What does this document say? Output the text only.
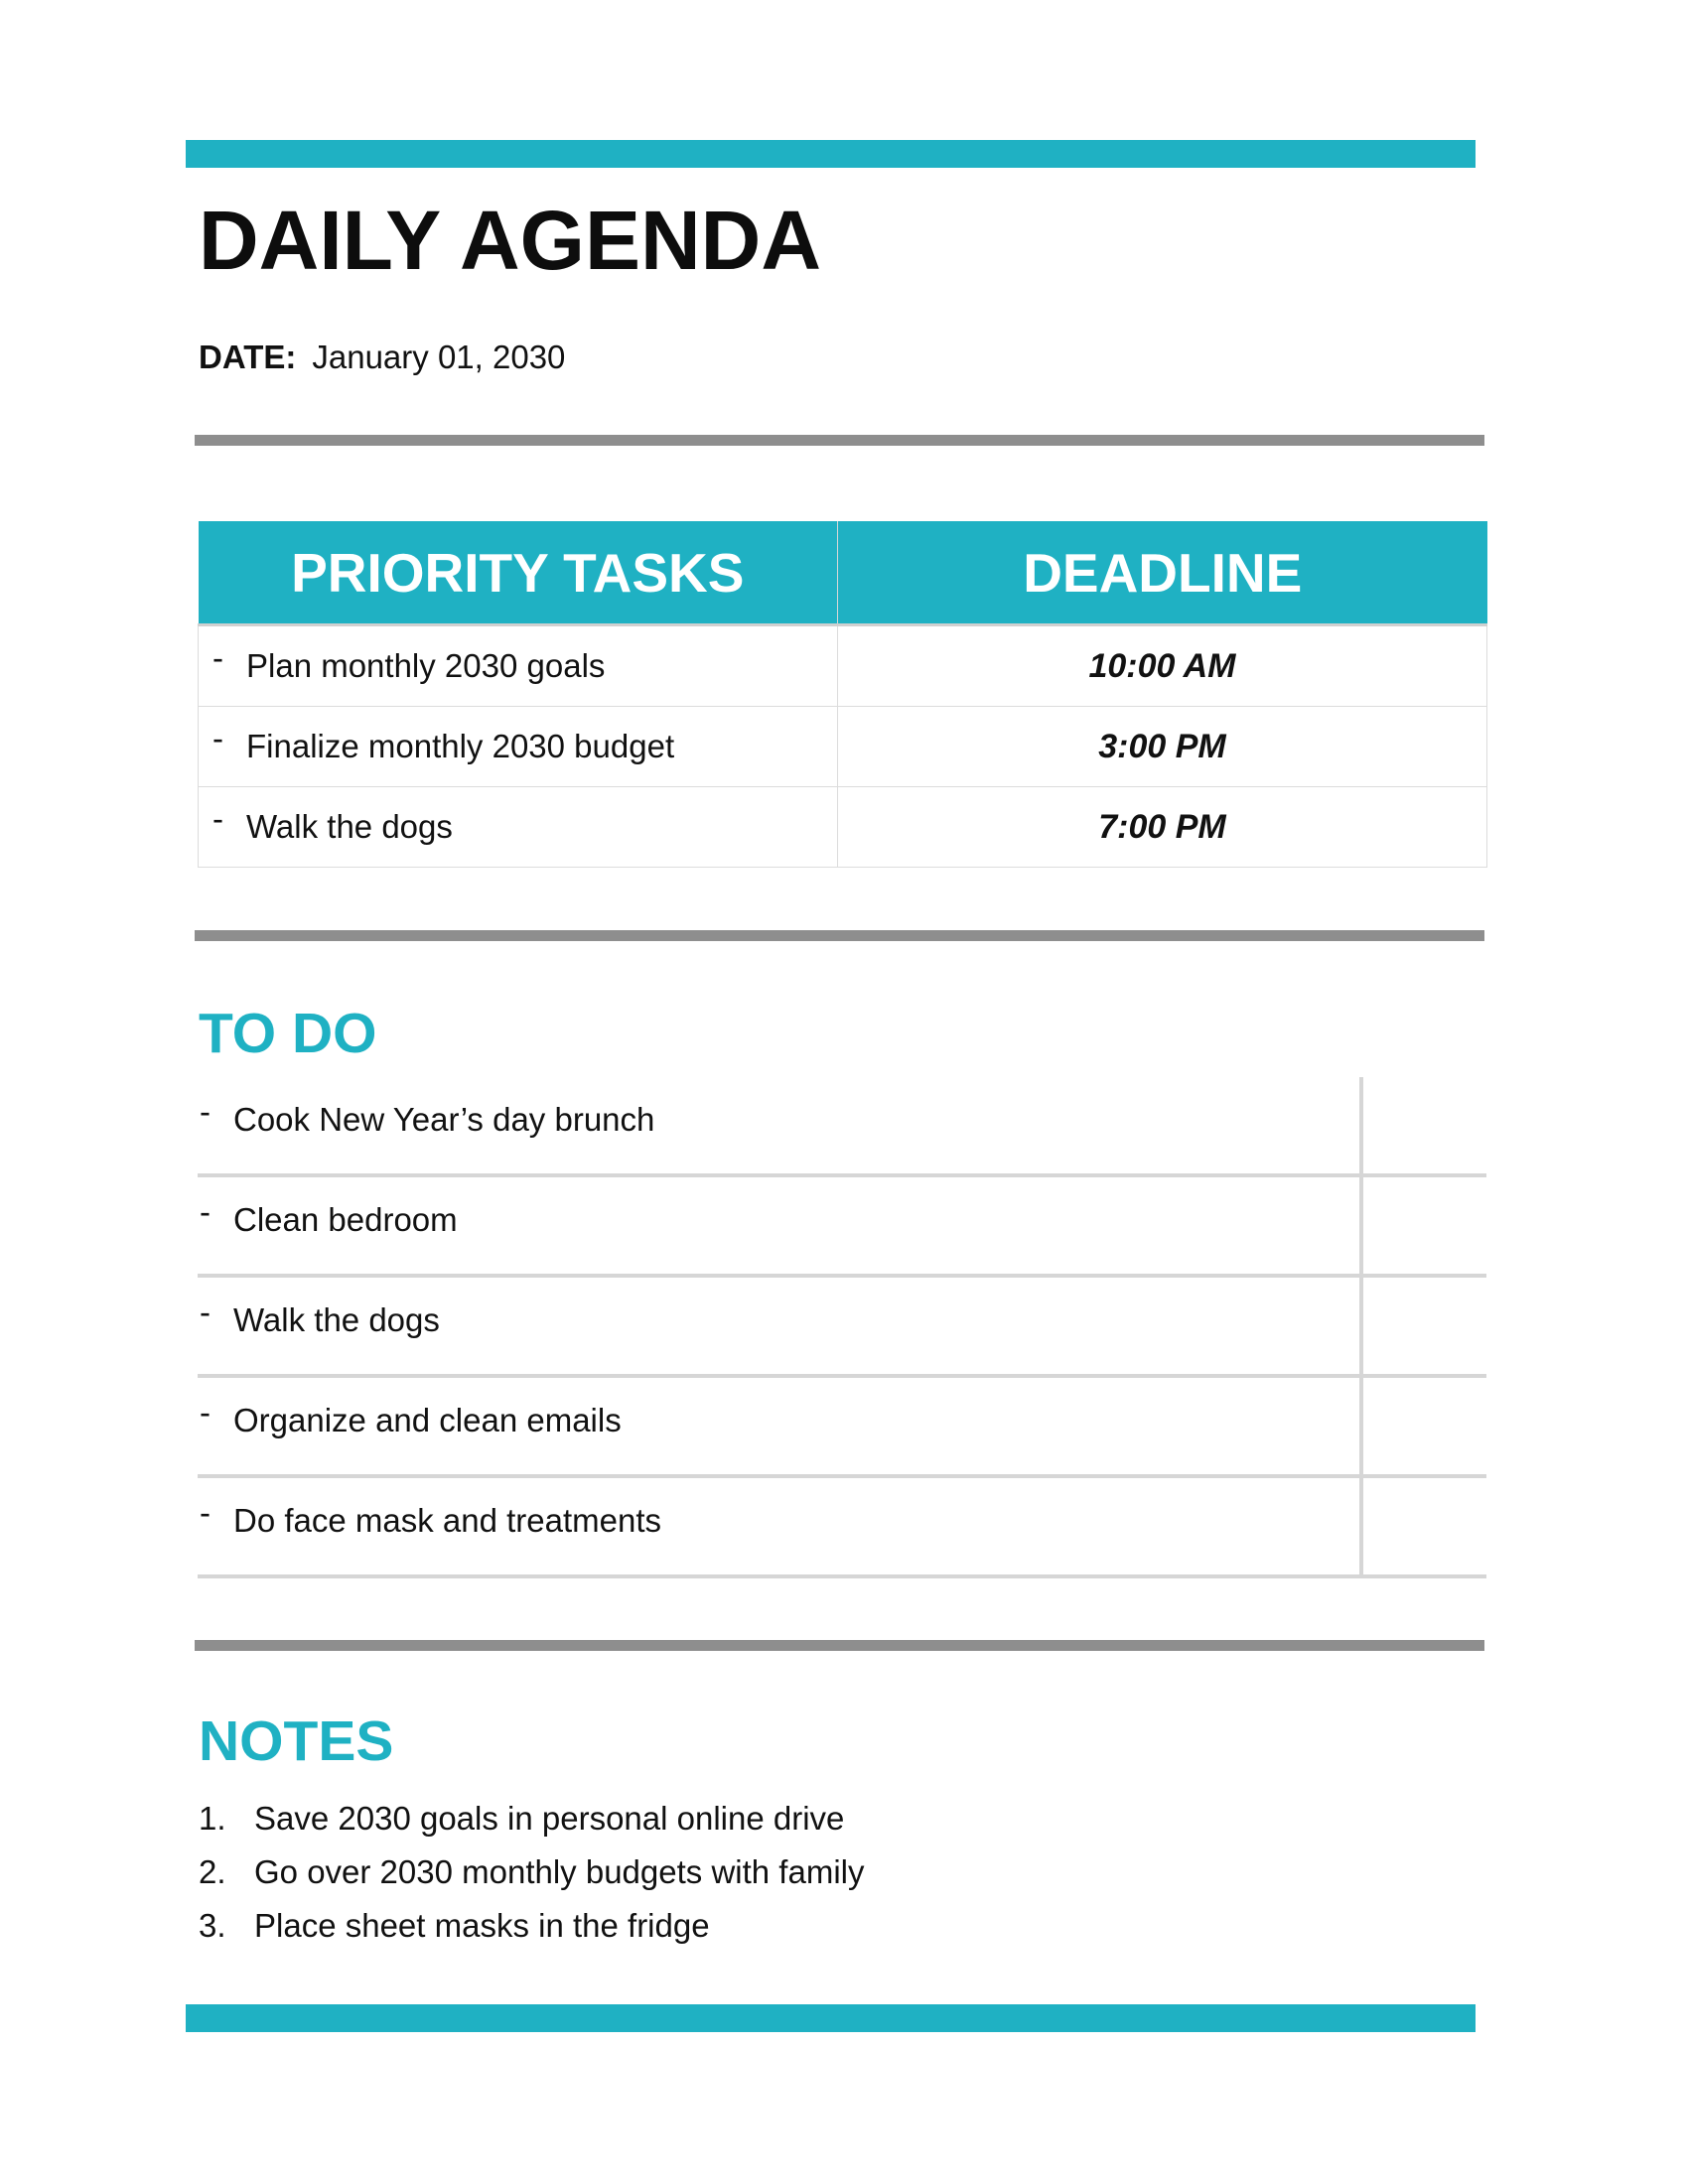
DAILY AGENDA
DATE: January 01, 2030
PRIORITY TASKS	DEADLINE
- Plan monthly 2030 goals	10:00 AM
- Finalize monthly 2030 budget	3:00 PM
- Walk the dogs	7:00 PM
TO DO
- Cook New Year’s day brunch
- Clean bedroom
- Walk the dogs
- Organize and clean emails
- Do face mask and treatments
NOTES
1. Save 2030 goals in personal online drive
2. Go over 2030 monthly budgets with family
3. Place sheet masks in the fridge
